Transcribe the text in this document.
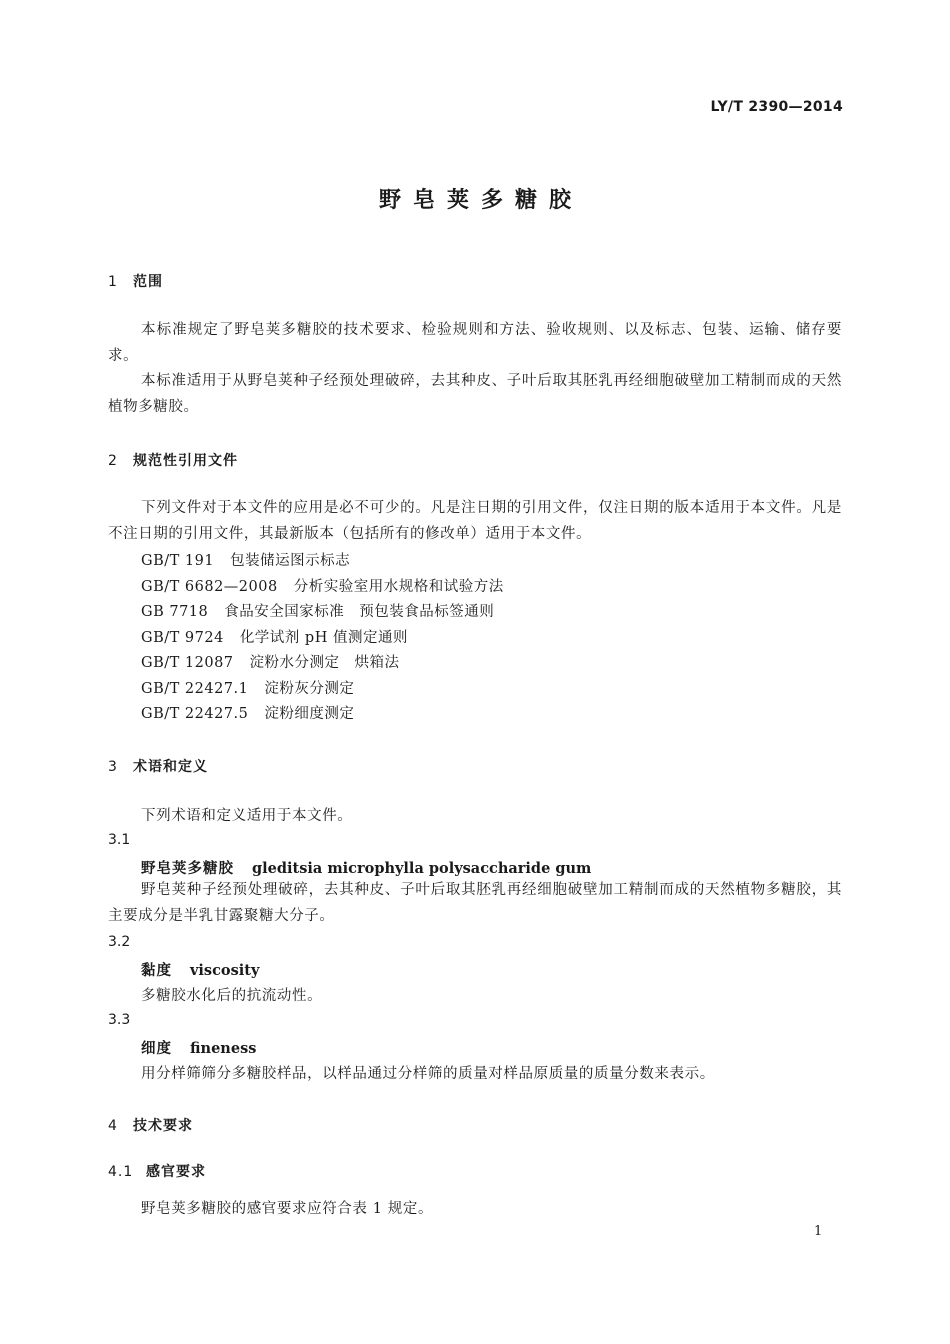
LY/T 2390—2014
野皂荚多糖胶
1 范围
本标准规定了野皂荚多糖胶的技术要求、检验规则和方法、验收规则、以及标志、包装、运输、储存要求。
本标准适用于从野皂荚种子经预处理破碎，去其种皮、子叶后取其胚乳再经细胞破壁加工精制而成的天然植物多糖胶。
2 规范性引用文件
下列文件对于本文件的应用是必不可少的。凡是注日期的引用文件，仅注日期的版本适用于本文件。凡是不注日期的引用文件，其最新版本（包括所有的修改单）适用于本文件。
GB/T 191 包装储运图示标志
GB/T 6682—2008 分析实验室用水规格和试验方法
GB 7718 食品安全国家标准　预包装食品标签通则
GB/T 9724 化学试剂 pH 值测定通则
GB/T 12087 淀粉水分测定　烘箱法
GB/T 22427.1 淀粉灰分测定
GB/T 22427.5 淀粉细度测定
3 术语和定义
下列术语和定义适用于本文件。
3.1
野皂荚多糖胶 gleditsia microphylla polysaccharide gum
野皂荚种子经预处理破碎，去其种皮、子叶后取其胚乳再经细胞破壁加工精制而成的天然植物多糖胶，其主要成分是半乳甘露聚糖大分子。
3.2
黏度 viscosity
多糖胶水化后的抗流动性。
3.3
细度 fineness
用分样筛筛分多糖胶样品，以样品通过分样筛的质量对样品原质量的质量分数来表示。
4 技术要求
4.1 感官要求
野皂荚多糖胶的感官要求应符合表 1 规定。
1
